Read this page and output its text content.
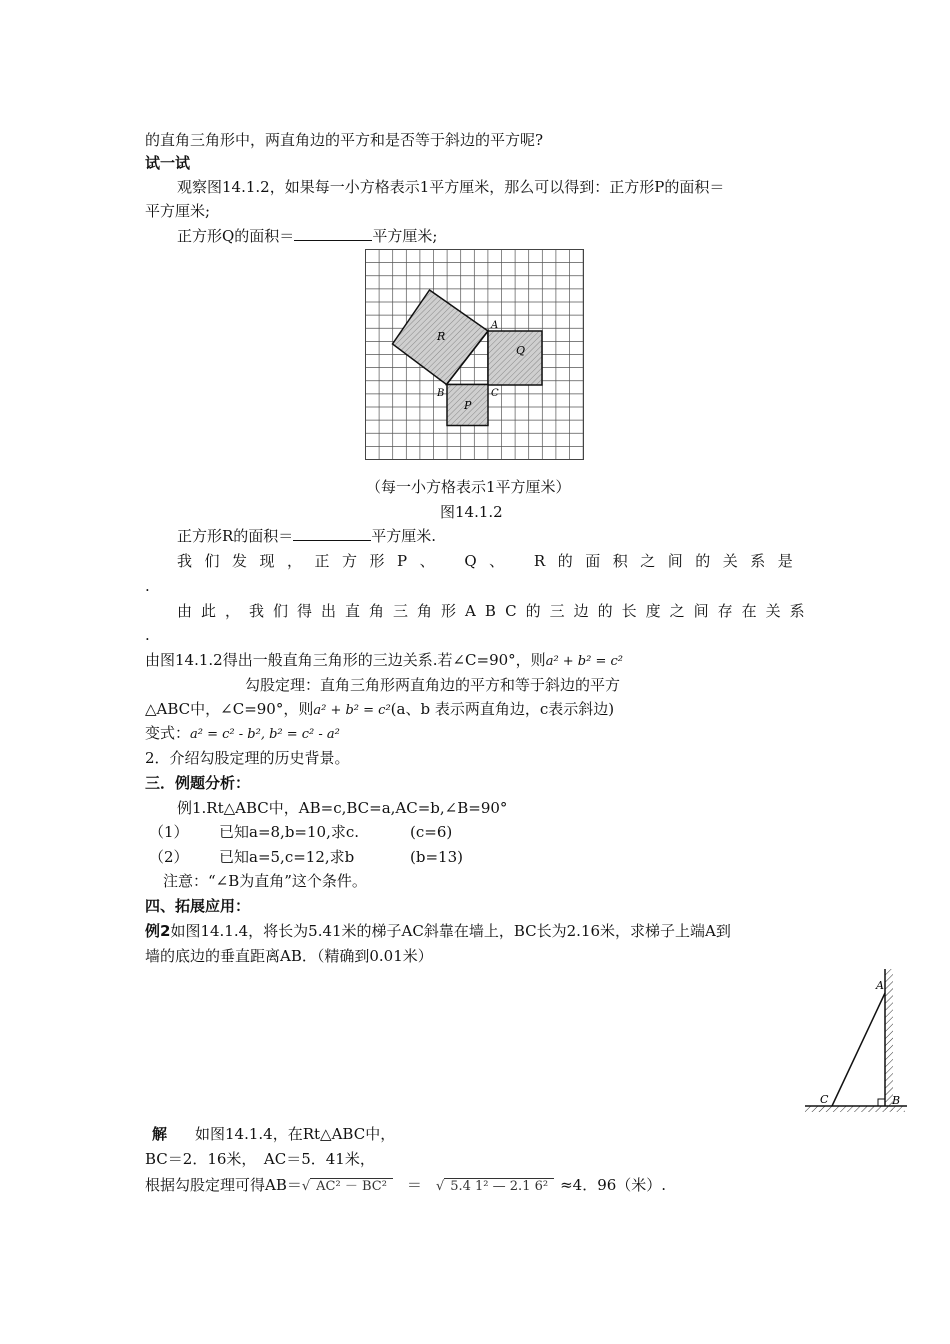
的直角三角形中，两直角边的平方和是否等于斜边的平方呢?
试一试
观察图14.1.2，如果每一小方格表示1平方厘米，那么可以得到：正方形P的面积＝
平方厘米;
正方形Q的面积＝	平方厘米;
A
B	C
R
Q
P
（每一小方格表示1平方厘米）
图14.1.2
正方形R的面积＝	平方厘米.
我们发现，正方形P、 Q、 R的面积之间的关系是
.
由此，我们得出直角三角形ABC的三边的长度之间存在关系
.
由图14.1.2得出一般直角三角形的三边关系.若∠C=90°，则a² + b² = c²
勾股定理：直角三角形两直角边的平方和等于斜边的平方
△ABC中，∠C=90°，则a² + b² = c²(a、b 表示两直角边，c表示斜边)
变式：a² = c² - b², b² = c² - a²
2．介绍勾股定理的历史背景。
三．例题分析：
例1.Rt△ABC中，AB=c,BC=a,AC=b,∠B=90°
（1） 已知a=8,b=10,求c.	(c=6)
（2） 已知a=5,c=12,求b	(b=13)
注意：“∠B为直角”这个条件。
四、拓展应用：
例2如图14.1.4，将长为5.41米的梯子AC斜靠在墙上，BC长为2.16米，求梯子上端A到
墙的底边的垂直距离AB．（精确到0.01米）
A
C	B
解 如图14.1.4，在Rt△ABC中，
BC＝2．16米，　AC＝5．41米，
根据勾股定理可得AB＝√ AC² － BC² ＝ √ 5.4 1² — 2.1 6² ≈4．96（米）.
